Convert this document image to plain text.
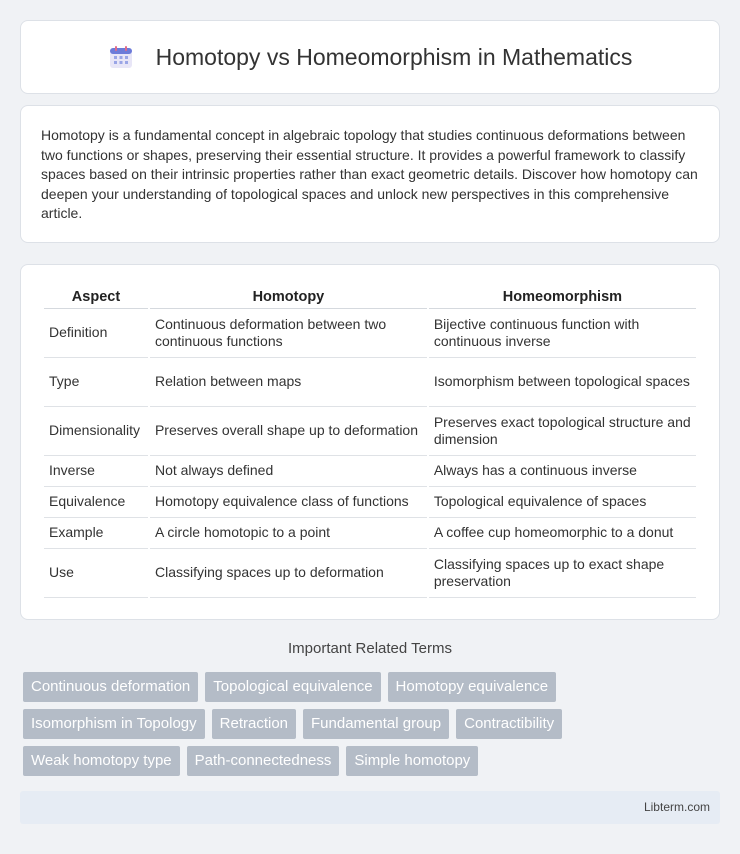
Homotopy vs Homeomorphism in Mathematics

Homotopy is a fundamental concept in algebraic topology that studies continuous deformations between two functions or shapes, preserving their essential structure. It provides a powerful framework to classify spaces based on their intrinsic properties rather than exact geometric details. Discover how homotopy can deepen your understanding of topological spaces and unlock new perspectives in this comprehensive article.

Aspect	Homotopy	Homeomorphism
Definition	Continuous deformation between two continuous functions	Bijective continuous function with continuous inverse
Type	Relation between maps	Isomorphism between topological spaces
Dimensionality	Preserves overall shape up to deformation	Preserves exact topological structure and dimension
Inverse	Not always defined	Always has a continuous inverse
Equivalence	Homotopy equivalence class of functions	Topological equivalence of spaces
Example	A circle homotopic to a point	A coffee cup homeomorphic to a donut
Use	Classifying spaces up to deformation	Classifying spaces up to exact shape preservation
Important Related Terms
Continuous deformation	Topological equivalence	Homotopy equivalence
Isomorphism in Topology	Retraction	Fundamental group	Contractibility
Weak homotopy type	Path-connectedness	Simple homotopy
Libterm.com
